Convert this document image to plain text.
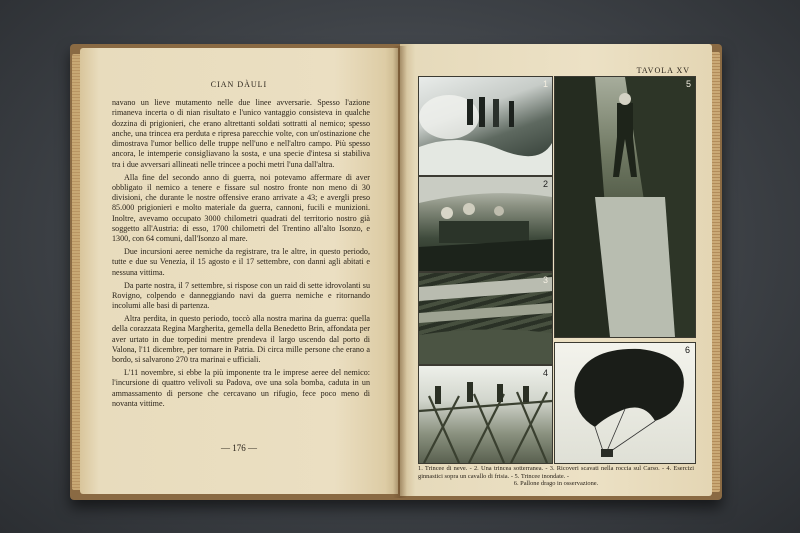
CIAN DÀULI

navano un lieve mutamento nelle due linee avversarie. Spesso l'azione rimaneva incerta o di nian risultato e l'unico vantaggio consisteva in qualche dozzina di prigionieri, che erano altrettanti soldati sottratti al nemico; spesso anche, una trincea era perduta e ripresa parecchie volte, con un'ostinazione che dimostrava l'umor bellico delle truppe nell'uno e nell'altro campo. Più spesso ancora, le intemperie consigliavano la sosta, e una specie d'intesa si stabiliva tra i due avversari allineati nelle trincee a pochi metri l'una dall'altra.

Alla fine del secondo anno di guerra, noi potevamo affermare di aver obbligato il nemico a tenere e fissare sul nostro fronte non meno di 30 divisioni, che durante le nostre offensive erano arrivate a 43; e avergli preso 85.000 prigionieri e molto materiale da guerra, cannoni, fucili e munizioni. Inoltre, avevamo occupato 3000 chilometri quadrati del territorio nostro già soggetto all'Austria: di esso, 1700 chilometri del Trentino all'alto Isonzo, e 1300, con 64 comuni, dall'Isonzo al mare.

Due incursioni aeree nemiche da registrare, tra le altre, in questo periodo, tutte e due su Venezia, il 15 agosto e il 17 settembre, con danni agli abitati e nessuna vittima.

Da parte nostra, il 7 settembre, si rispose con un raid di sette idrovolanti su Rovigno, colpendo e danneggiando navi da guerra nemiche e ritornando incolumi alle basi di partenza.

Altra perdita, in questo periodo, toccò alla nostra marina da guerra: quella della corazzata Regina Margherita, gemella della Benedetto Brin, affondata per aver urtato in due torpedini mentre prendeva il largo uscendo dal porto di Valona, l'11 dicembre, per tornare in Patria. Di circa mille persone che erano a bordo, si salvarono 270 tra marinai e ufficiali.

L'11 novembre, si ebbe la più imponente tra le imprese aeree del nemico: l'incursione di quattro velivoli su Padova, ove una sola bomba, caduta in un ammassamento di persone che cercavano un rifugio, fece poco meno di novanta vittime.

— 176 —
TAVOLA XV
1
2
3
4
5
6
1. Trincee di neve. - 2. Una trincea sotterranea. - 3. Ricoveri scavati nella roccia sul Carso. - 4. Esercizi ginnastici sopra un cavallo di frisia. - 5. Trincee inondate. -
6. Pallone drago in osservazione.
